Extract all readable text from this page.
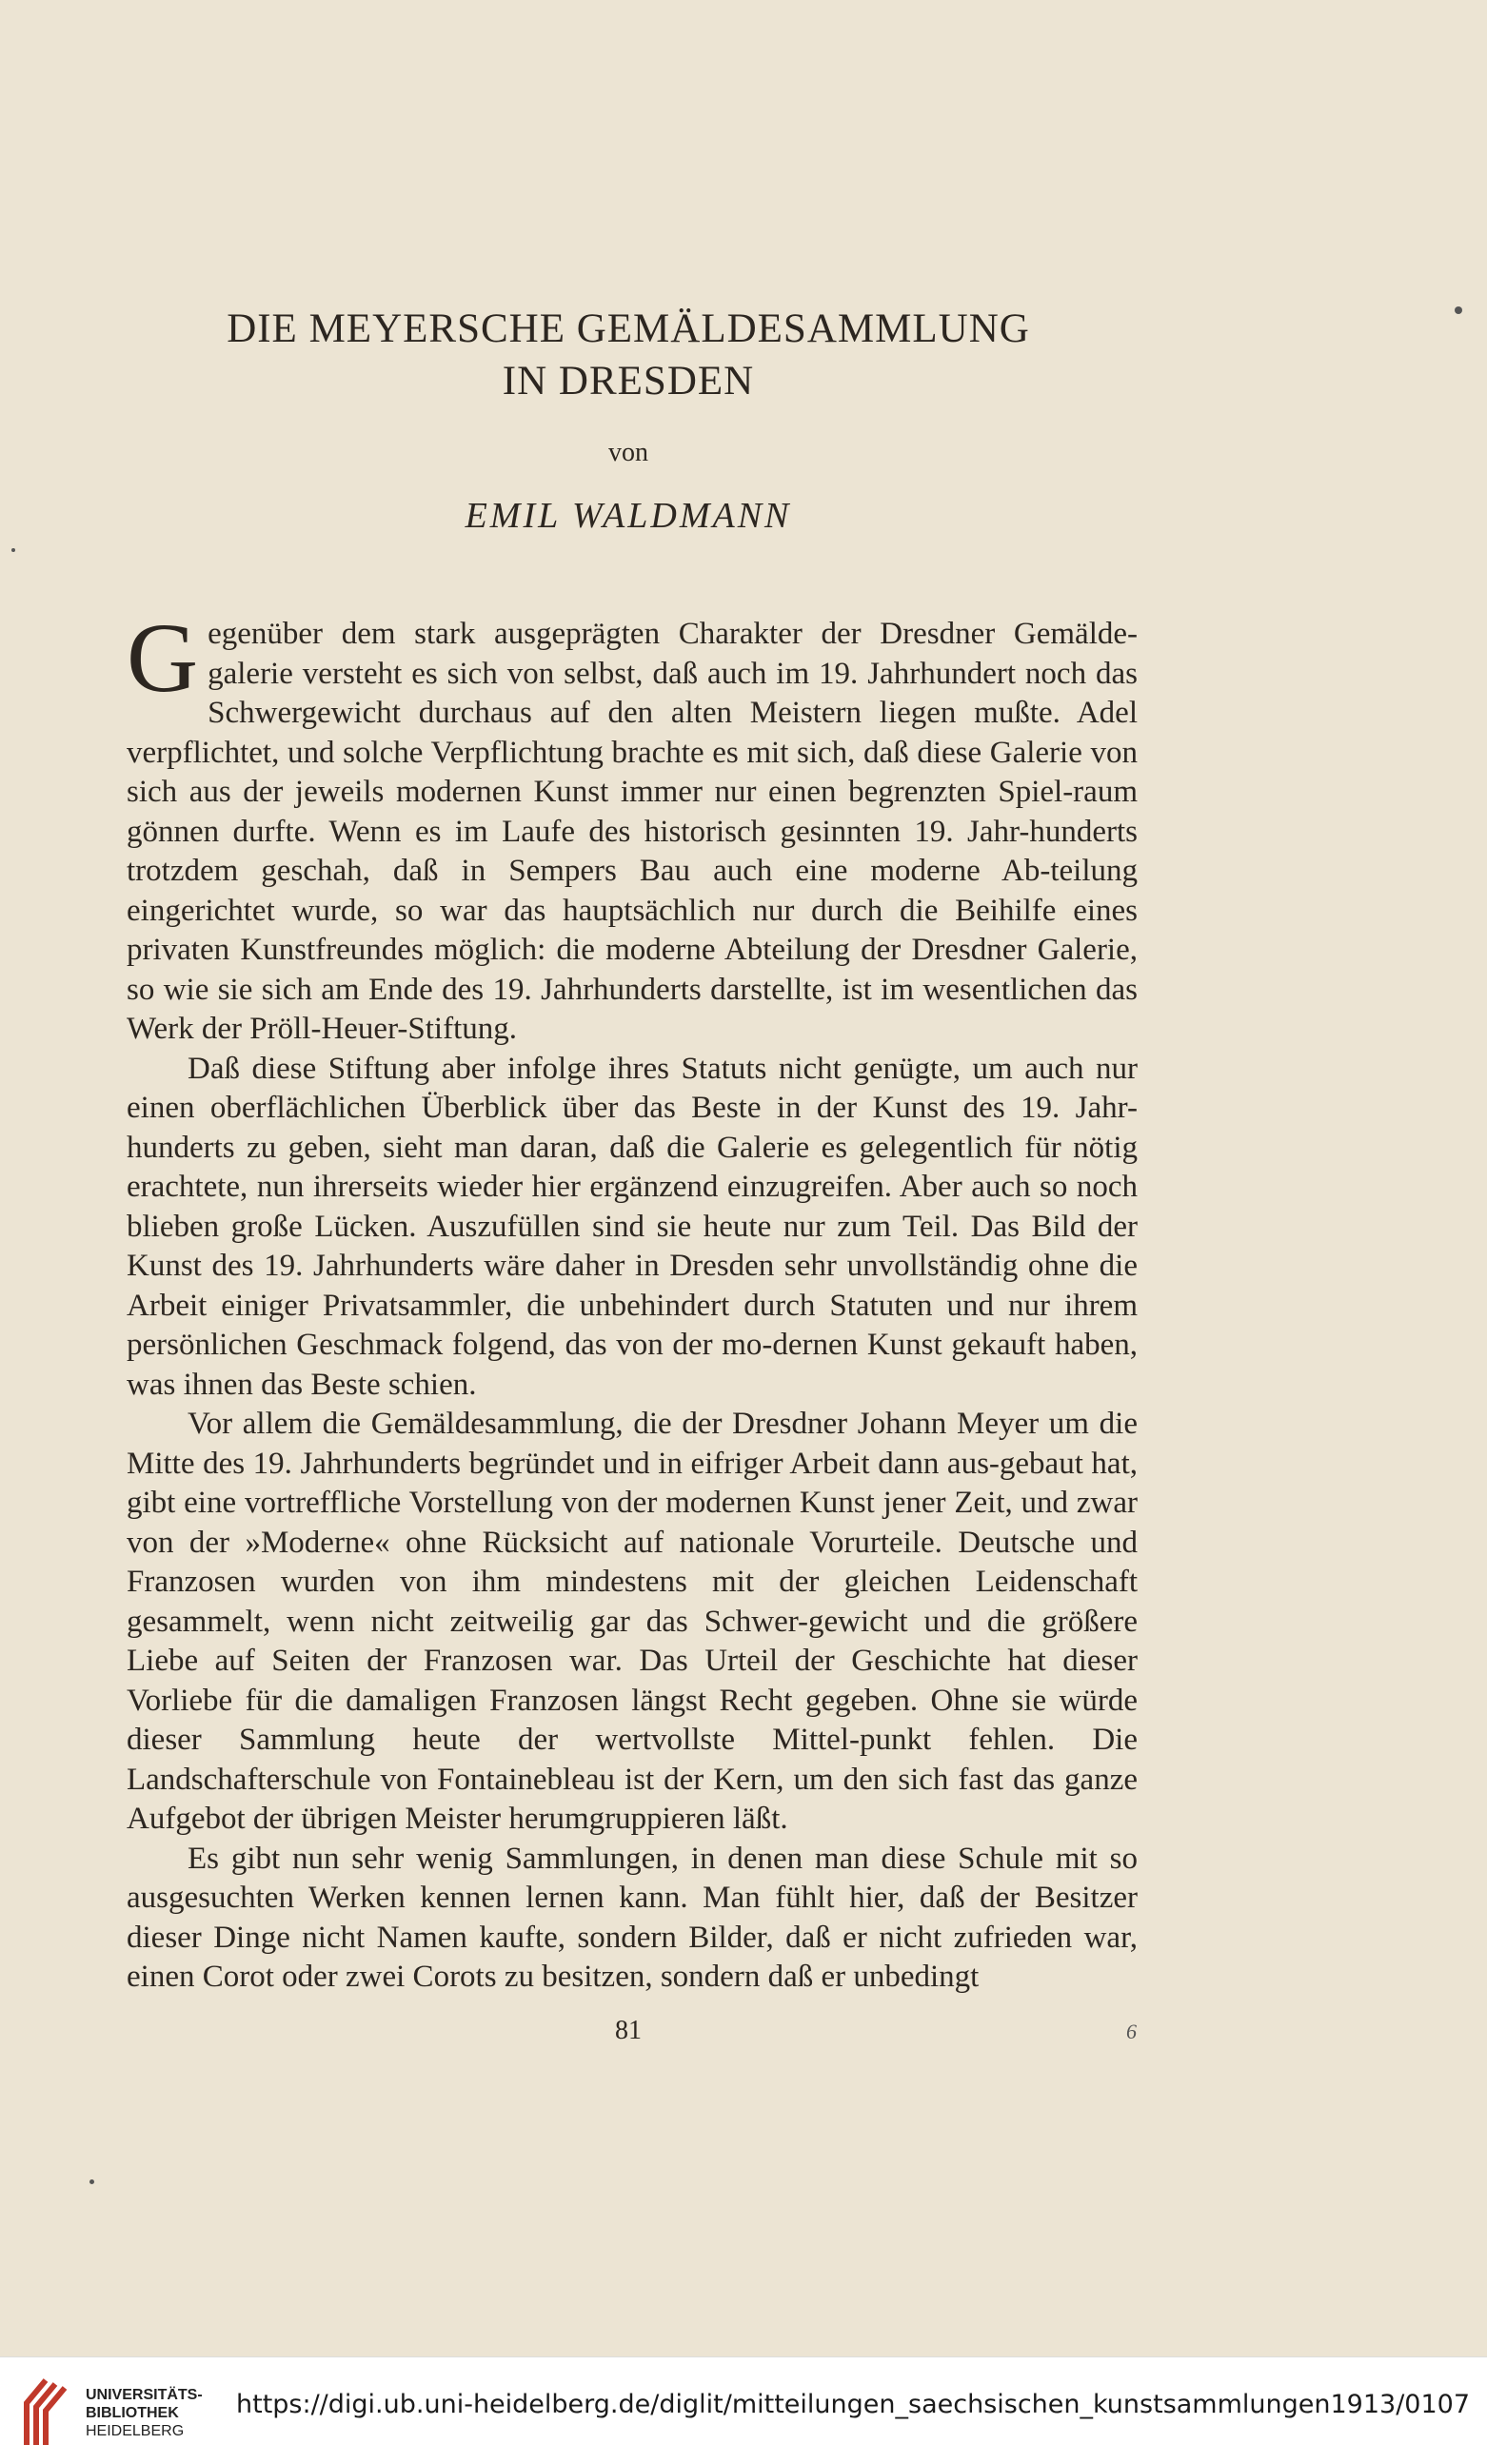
DIE MEYERSCHE GEMÄLDESAMMLUNG
IN DRESDEN
von
EMIL WALDMANN

Gegenüber dem stark ausgeprägten Charakter der Dresdner Gemälde-galerie versteht es sich von selbst, daß auch im 19. Jahrhundert noch das Schwergewicht durchaus auf den alten Meistern liegen mußte. Adel verpflichtet, und solche Verpflichtung brachte es mit sich, daß diese Galerie von sich aus der jeweils modernen Kunst immer nur einen begrenzten Spiel-raum gönnen durfte. Wenn es im Laufe des historisch gesinnten 19. Jahr-hunderts trotzdem geschah, daß in Sempers Bau auch eine moderne Ab-teilung eingerichtet wurde, so war das hauptsächlich nur durch die Beihilfe eines privaten Kunstfreundes möglich: die moderne Abteilung der Dresdner Galerie, so wie sie sich am Ende des 19. Jahrhunderts darstellte, ist im wesentlichen das Werk der Pröll-Heuer-Stiftung.

Daß diese Stiftung aber infolge ihres Statuts nicht genügte, um auch nur einen oberflächlichen Überblick über das Beste in der Kunst des 19. Jahr-hunderts zu geben, sieht man daran, daß die Galerie es gelegentlich für nötig erachtete, nun ihrerseits wieder hier ergänzend einzugreifen. Aber auch so noch blieben große Lücken. Auszufüllen sind sie heute nur zum Teil. Das Bild der Kunst des 19. Jahrhunderts wäre daher in Dresden sehr unvollständig ohne die Arbeit einiger Privatsammler, die unbehindert durch Statuten und nur ihrem persönlichen Geschmack folgend, das von der mo-dernen Kunst gekauft haben, was ihnen das Beste schien.

Vor allem die Gemäldesammlung, die der Dresdner Johann Meyer um die Mitte des 19. Jahrhunderts begründet und in eifriger Arbeit dann aus-gebaut hat, gibt eine vortreffliche Vorstellung von der modernen Kunst jener Zeit, und zwar von der »Moderne« ohne Rücksicht auf nationale Vorurteile. Deutsche und Franzosen wurden von ihm mindestens mit der gleichen Leidenschaft gesammelt, wenn nicht zeitweilig gar das Schwer-gewicht und die größere Liebe auf Seiten der Franzosen war. Das Urteil der Geschichte hat dieser Vorliebe für die damaligen Franzosen längst Recht gegeben. Ohne sie würde dieser Sammlung heute der wertvollste Mittel-punkt fehlen. Die Landschafterschule von Fontainebleau ist der Kern, um den sich fast das ganze Aufgebot der übrigen Meister herumgruppieren läßt.

Es gibt nun sehr wenig Sammlungen, in denen man diese Schule mit so ausgesuchten Werken kennen lernen kann. Man fühlt hier, daß der Besitzer dieser Dinge nicht Namen kaufte, sondern Bilder, daß er nicht zufrieden war, einen Corot oder zwei Corots zu besitzen, sondern daß er unbedingt

81	6
UNIVERSITÄTS-
BIBLIOTHEK
HEIDELBERG
https://digi.ub.uni-heidelberg.de/diglit/mitteilungen_saechsischen_kunstsammlungen1913/0107
